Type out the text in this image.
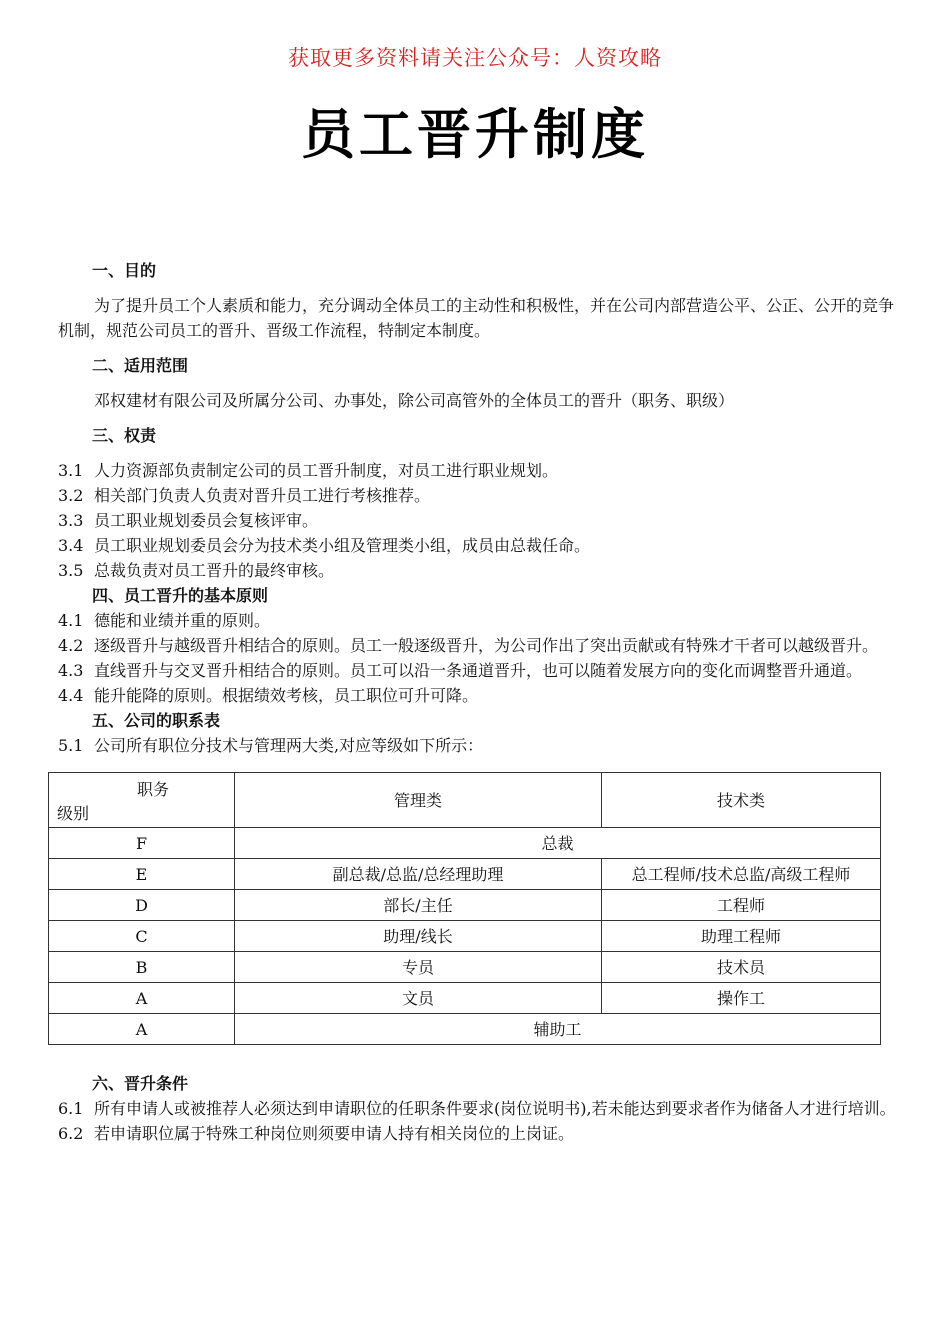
获取更多资料请关注公众号：人资攻略
员工晋升制度

一、目的

为了提升员工个人素质和能力，充分调动全体员工的主动性和积极性，并在公司内部营造公平、公正、公开的竞争机制，规范公司员工的晋升、晋级工作流程，特制定本制度。

二、适用范围

邓权建材有限公司及所属分公司、办事处，除公司高管外的全体员工的晋升（职务、职级）

三、权责

3.1 人力资源部负责制定公司的员工晋升制度，对员工进行职业规划。

3.2 相关部门负责人负责对晋升员工进行考核推荐。

3.3 员工职业规划委员会复核评审。

3.4 员工职业规划委员会分为技术类小组及管理类小组，成员由总裁任命。

3.5 总裁负责对员工晋升的最终审核。

四、员工晋升的基本原则

4.1 德能和业绩并重的原则。

4.2 逐级晋升与越级晋升相结合的原则。员工一般逐级晋升，为公司作出了突出贡献或有特殊才干者可以越级晋升。

4.3 直线晋升与交叉晋升相结合的原则。员工可以沿一条通道晋升，也可以随着发展方向的变化而调整晋升通道。

4.4 能升能降的原则。根据绩效考核，员工职位可升可降。

五、公司的职系表

5.1 公司所有职位分技术与管理两大类,对应等级如下所示：

职务
级别	管理类	技术类
F	总裁	
E	副总裁/总监/总经理助理	总工程师/技术总监/高级工程师
D	部长/主任	工程师
C	助理/线长	助理工程师
B	专员	技术员
A	文员	操作工
A	辅助工	

六、晋升条件

6.1 所有申请人或被推荐人必须达到申请职位的任职条件要求(岗位说明书),若未能达到要求者作为储备人才进行培训。

6.2 若申请职位属于特殊工种岗位则须要申请人持有相关岗位的上岗证。
